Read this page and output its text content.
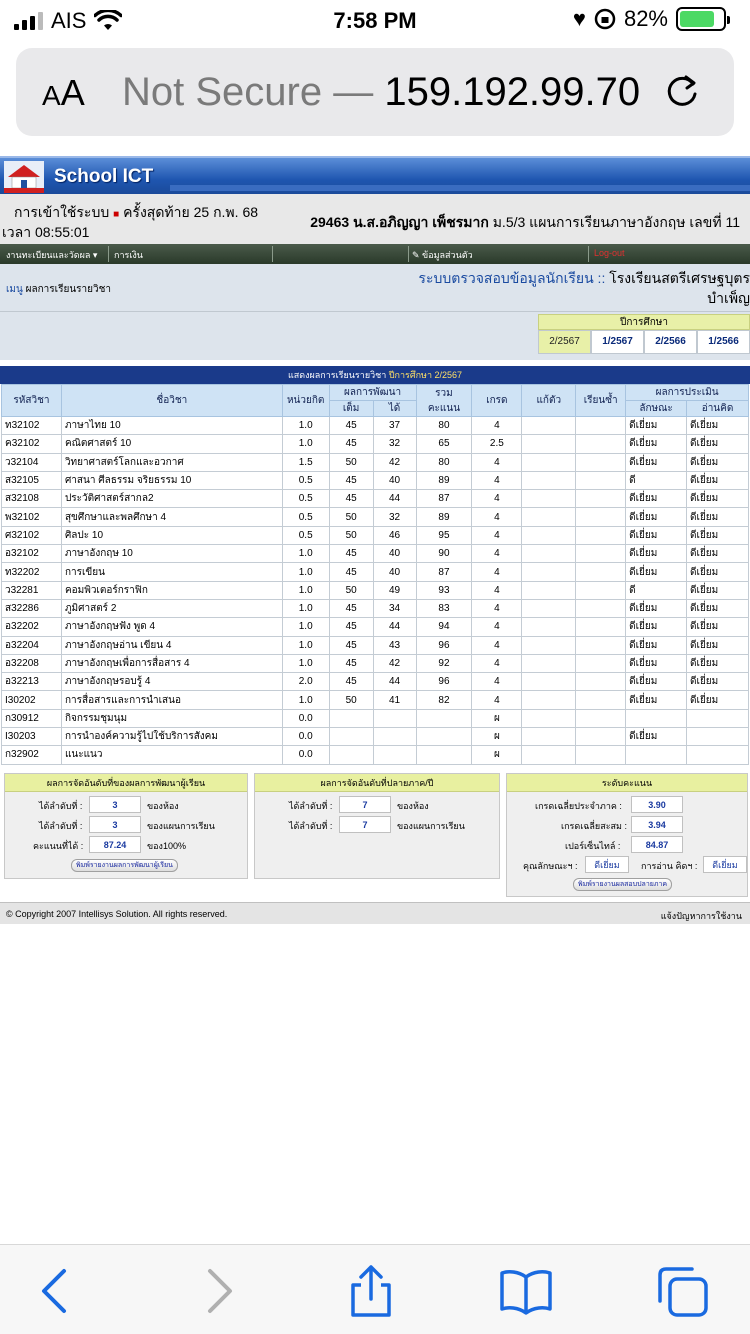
AIS	7:58 PM	♥ 82%
AA Not Secure — 159.192.99.70
School ICT
การเข้าใช้ระบบ ■ ครั้งสุดท้าย 25 ก.พ. 68
เวลา 08:55:01
29463 น.ส.อภิญญา เพ็ชรมาก ม.5/3 แผนการเรียนภาษาอังกฤษ เลขที่ 11
งานทะเบียนและวัดผล ▾ การเงิน	✎ ข้อมูลส่วนตัว	Log-out
เมนู ผลการเรียนรายวิชา
ระบบตรวจสอบข้อมูลนักเรียน :: โรงเรียนสตรีเศรษฐบุตร
บำเพ็ญ
ปีการศึกษา
2/2567	1/2567	2/2566	1/2566
แสดงผลการเรียนรายวิชา ปีการศึกษา 2/2567
รหัสวิชา	ชื่อวิชา	หน่วยกิต	ผลการพัฒนา		รวม
คะแนน	เกรด	แก้ตัว	เรียนซ้ำ	ผลการประเมิน	
			เต็ม	ได้					ลักษณะ	อ่านคิด
ท32102	ภาษาไทย 10	1.0	45	37	80	4			ดีเยี่ยม	ดีเยี่ยม
ค32102	คณิตศาสตร์ 10	1.0	45	32	65	2.5			ดีเยี่ยม	ดีเยี่ยม
ว32104	วิทยาศาสตร์โลกและอวกาศ	1.5	50	42	80	4			ดีเยี่ยม	ดีเยี่ยม
ส32105	ศาสนา ศีลธรรม จริยธรรม 10	0.5	45	40	89	4			ดี	ดีเยี่ยม
ส32108	ประวัติศาสตร์สากล2	0.5	45	44	87	4			ดีเยี่ยม	ดีเยี่ยม
พ32102	สุขศึกษาและพลศึกษา 4	0.5	50	32	89	4			ดีเยี่ยม	ดีเยี่ยม
ศ32102	ศิลปะ 10	0.5	50	46	95	4			ดีเยี่ยม	ดีเยี่ยม
อ32102	ภาษาอังกฤษ 10	1.0	45	40	90	4			ดีเยี่ยม	ดีเยี่ยม
ท32202	การเขียน	1.0	45	40	87	4			ดีเยี่ยม	ดีเยี่ยม
ว32281	คอมพิวเตอร์กราฟิก	1.0	50	49	93	4			ดี	ดีเยี่ยม
ส32286	ภูมิศาสตร์ 2	1.0	45	34	83	4			ดีเยี่ยม	ดีเยี่ยม
อ32202	ภาษาอังกฤษฟัง พูด 4	1.0	45	44	94	4			ดีเยี่ยม	ดีเยี่ยม
อ32204	ภาษาอังกฤษอ่าน เขียน 4	1.0	45	43	96	4			ดีเยี่ยม	ดีเยี่ยม
อ32208	ภาษาอังกฤษเพื่อการสื่อสาร 4	1.0	45	42	92	4			ดีเยี่ยม	ดีเยี่ยม
อ32213	ภาษาอังกฤษรอบรู้ 4	2.0	45	44	96	4			ดีเยี่ยม	ดีเยี่ยม
I30202	การสื่อสารและการนำเสนอ	1.0	50	41	82	4			ดีเยี่ยม	ดีเยี่ยม
ก30912	กิจกรรมชุมนุม	0.0				ผ				
I30203	การนำองค์ความรู้ไปใช้บริการสังคม	0.0				ผ			ดีเยี่ยม	
ก32902	แนะแนว	0.0				ผ				
ผลการจัดอันดับที่ของผลการพัฒนาผู้เรียน
ได้ลำดับที่ :	3	ของห้อง
ได้ลำดับที่ :	3	ของแผนการเรียน
คะแนนที่ได้ :	87.24	ของ100%
พิมพ์รายงานผลการพัฒนาผู้เรียน
ผลการจัดอันดับที่ปลายภาค/ปี
ได้ลำดับที่ :	7	ของห้อง
ได้ลำดับที่ :	7	ของแผนการเรียน
ระดับคะแนน
เกรดเฉลี่ยประจำภาค :	3.90
เกรดเฉลี่ยสะสม :	3.94
เปอร์เซ็นไทล์ :	84.87
คุณลักษณะฯ :	ดีเยี่ยม	การอ่าน คิดฯ :	ดีเยี่ยม
พิมพ์รายงานผลสอบปลายภาค
© Copyright 2007 Intellisys Solution. All rights reserved.	แจ้งปัญหาการใช้งาน
